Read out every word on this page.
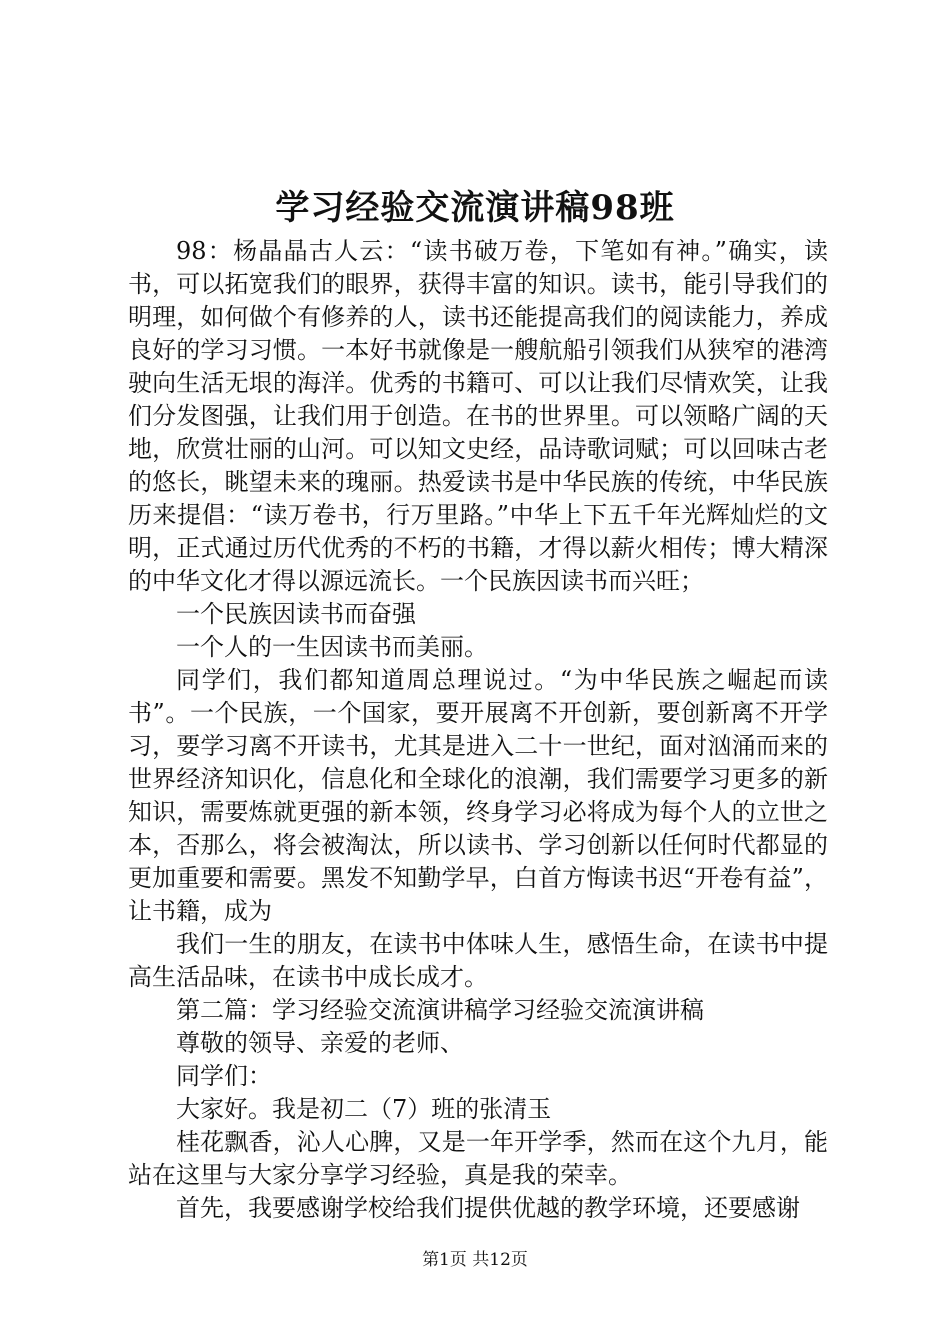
学习经验交流演讲稿98班

98：杨晶晶古人云：“读书破万卷，下笔如有神。”确实，读书，可以拓宽我们的眼界，获得丰富的知识。读书，能引导我们的明理，如何做个有修养的人，读书还能提高我们的阅读能力，养成良好的学习习惯。一本好书就像是一艘航船引领我们从狭窄的港湾驶向生活无垠的海洋。优秀的书籍可、可以让我们尽情欢笑，让我们分发图强，让我们用于创造。在书的世界里。可以领略广阔的天地，欣赏壮丽的山河。可以知文史经，品诗歌词赋；可以回味古老的悠长，眺望未来的瑰丽。热爱读书是中华民族的传统，中华民族历来提倡：“读万卷书，行万里路。”中华上下五千年光辉灿烂的文明，正式通过历代优秀的不朽的书籍，才得以薪火相传；博大精深的中华文化才得以源远流长。一个民族因读书而兴旺；

一个民族因读书而奋强

一个人的一生因读书而美丽。

同学们，我们都知道周总理说过。“为中华民族之崛起而读书”。一个民族，一个国家，要开展离不开创新，要创新离不开学习，要学习离不开读书，尤其是进入二十一世纪，面对汹涌而来的世界经济知识化，信息化和全球化的浪潮，我们需要学习更多的新知识，需要炼就更强的新本领，终身学习必将成为每个人的立世之本，否那么，将会被淘汰，所以读书、学习创新以任何时代都显的更加重要和需要。黑发不知勤学早，白首方悔读书迟“开卷有益”，让书籍，成为

我们一生的朋友，在读书中体味人生，感悟生命，在读书中提高生活品味，在读书中成长成才。

第二篇：学习经验交流演讲稿学习经验交流演讲稿

尊敬的领导、亲爱的老师、

同学们：

大家好。我是初二（7）班的张清玉

桂花飘香，沁人心脾，又是一年开学季，然而在这个九月，能站在这里与大家分享学习经验，真是我的荣幸。

首先，我要感谢学校给我们提供优越的教学环境，还要感谢

第1页 共12页
